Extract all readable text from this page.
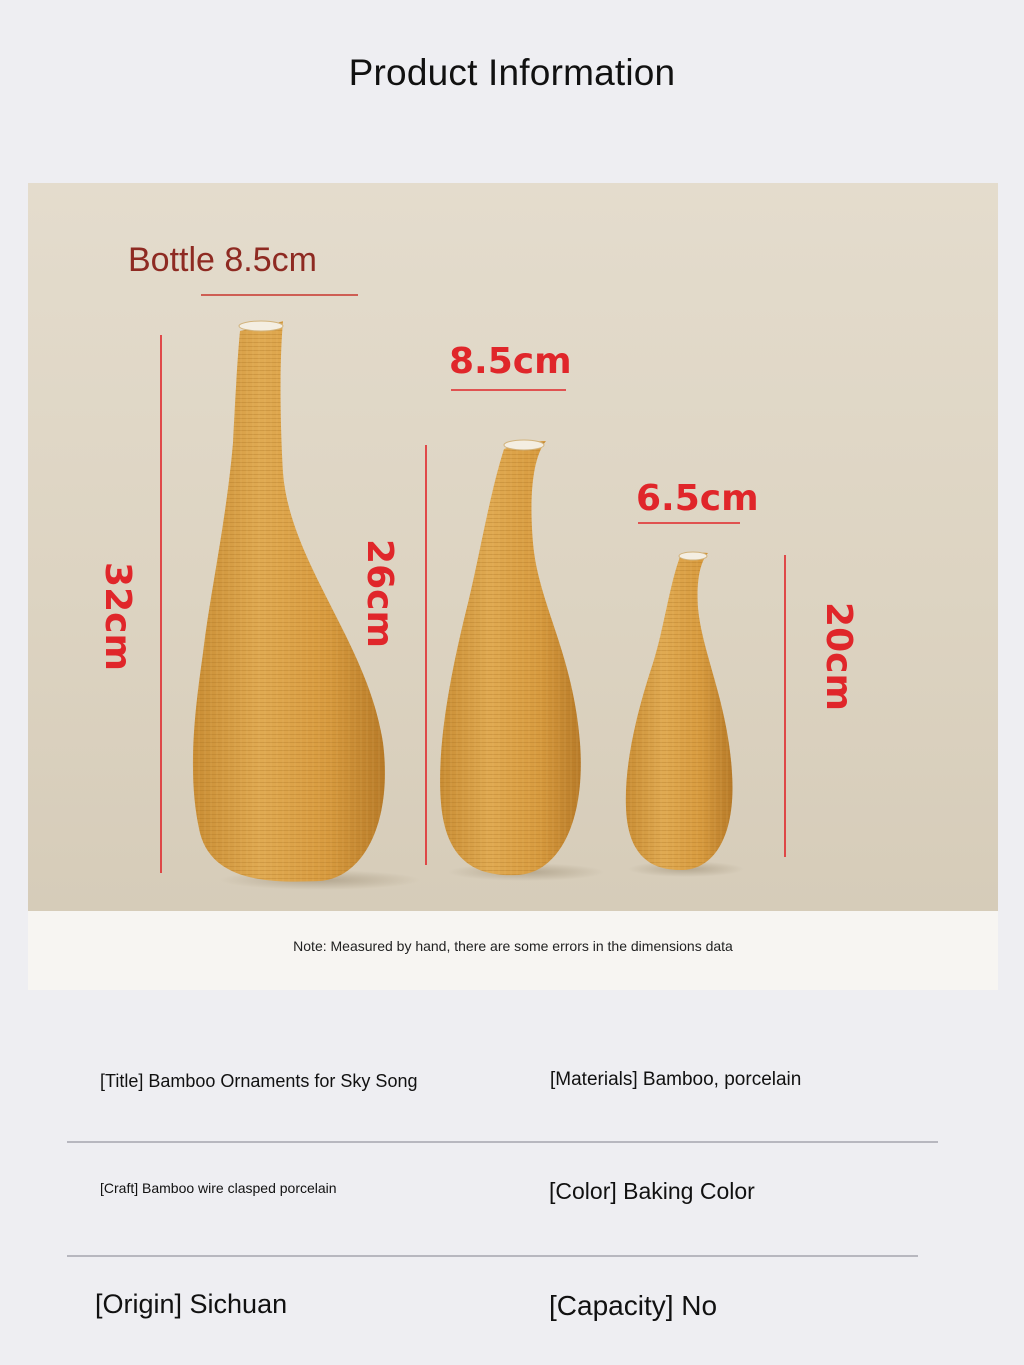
Product Information
Bottle 8.5cm
8.5cm
6.5cm
32cm	26cm
20cm
Note: Measured by hand, there are some errors in the dimensions data
[Title] Bamboo Ornaments for Sky Song	[Materials] Bamboo, porcelain
[Craft] Bamboo wire clasped porcelain	[Color] Baking Color
[Origin] Sichuan	[Capacity] No
